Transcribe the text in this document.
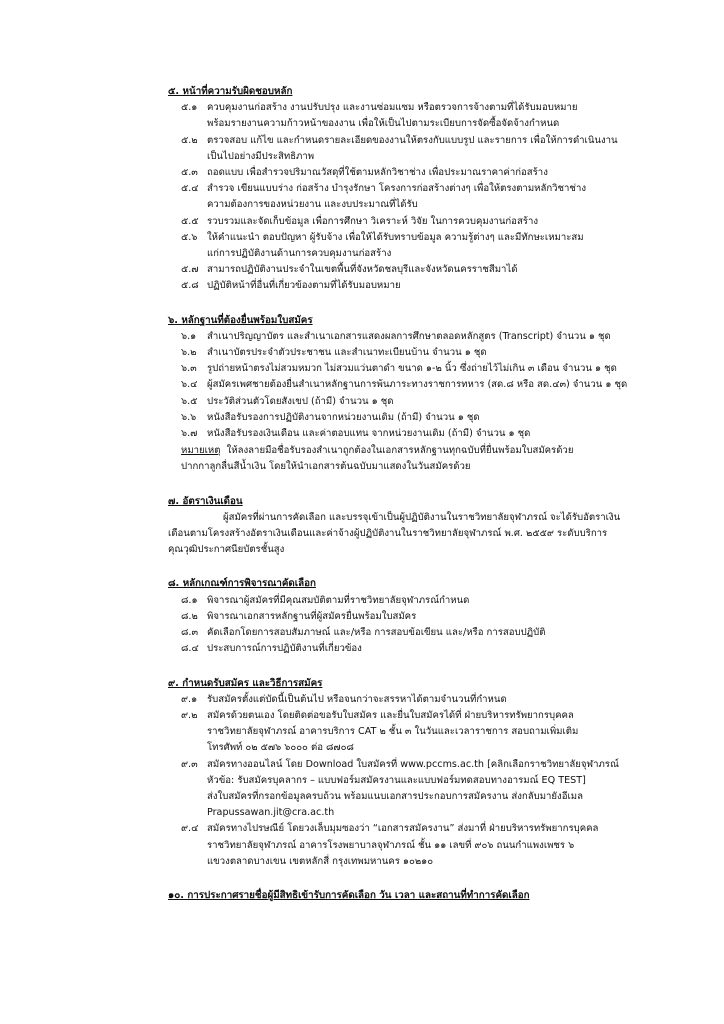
๕. หน้าที่ความรับผิดชอบหลัก
๕.๑ ควบคุมงานก่อสร้าง งานปรับปรุง และงานซ่อมแซม หรือตรวจการจ้างตามที่ได้รับมอบหมาย
พร้อมรายงานความก้าวหน้าของงาน เพื่อให้เป็นไปตามระเบียบการจัดซื้อจัดจ้างกำหนด
๕.๒ ตรวจสอบ แก้ไข และกำหนดรายละเอียดของงานให้ตรงกับแบบรูป และรายการ เพื่อให้การดำเนินงาน
เป็นไปอย่างมีประสิทธิภาพ
๕.๓ ถอดแบบ เพื่อสำรวจปริมาณวัสดุที่ใช้ตามหลักวิชาช่าง เพื่อประมาณราคาค่าก่อสร้าง
๕.๔ สำรวจ เขียนแบบร่าง ก่อสร้าง บำรุงรักษา โครงการก่อสร้างต่างๆ เพื่อให้ตรงตามหลักวิชาช่าง
ความต้องการของหน่วยงาน และงบประมาณที่ได้รับ
๕.๕ รวบรวมและจัดเก็บข้อมูล เพื่อการศึกษา วิเคราะห์ วิจัย ในการควบคุมงานก่อสร้าง
๕.๖ ให้คำแนะนำ ตอบปัญหา ผู้รับจ้าง เพื่อให้ได้รับทราบข้อมูล ความรู้ต่างๆ และมีทักษะเหมาะสม
แก่การปฏิบัติงานด้านการควบคุมงานก่อสร้าง
๕.๗ สามารถปฏิบัติงานประจำในเขตพื้นที่จังหวัดชลบุรีและจังหวัดนครราชสีมาได้
๕.๘ ปฏิบัติหน้าที่อื่นที่เกี่ยวข้องตามที่ได้รับมอบหมาย
๖. หลักฐานที่ต้องยื่นพร้อมใบสมัคร
๖.๑	สำเนาปริญญาบัตร และสำเนาเอกสารแสดงผลการศึกษาตลอดหลักสูตร (Transcript) จำนวน ๑ ชุด
๖.๒	สำเนาบัตรประจำตัวประชาชน และสำเนาทะเบียนบ้าน จำนวน ๑ ชุด
๖.๓	รูปถ่ายหน้าตรงไม่สวมหมวก ไม่สวมแว่นตาดำ ขนาด ๑-๒ นิ้ว ซึ่งถ่ายไว้ไม่เกิน ๓ เดือน จำนวน ๑ ชุด
๖.๔ ผู้สมัครเพศชายต้องยื่นสำเนาหลักฐานการพ้นภาระทางราชการทหาร (สด.๘ หรือ สด.๔๓) จำนวน ๑ ชุด
๖.๕ ประวัติส่วนตัวโดยสังเขป (ถ้ามี) จำนวน ๑ ชุด
๖.๖	หนังสือรับรองการปฏิบัติงานจากหน่วยงานเดิม (ถ้ามี) จำนวน ๑ ชุด
๖.๗	หนังสือรับรองเงินเดือน และค่าตอบแทน จากหน่วยงานเดิม (ถ้ามี) จำนวน ๑ ชุด
หมายเหตุ ให้ลงลายมือชื่อรับรองสำเนาถูกต้องในเอกสารหลักฐานทุกฉบับที่ยื่นพร้อมใบสมัครด้วย
ปากกาลูกลื่นสีน้ำเงิน โดยให้นำเอกสารต้นฉบับมาแสดงในวันสมัครด้วย
๗. อัตราเงินเดือน
ผู้สมัครที่ผ่านการคัดเลือก และบรรจุเข้าเป็นผู้ปฏิบัติงานในราชวิทยาลัยจุฬาภรณ์ จะได้รับอัตราเงิน
เดือนตามโครงสร้างอัตราเงินเดือนและค่าจ้างผู้ปฏิบัติงานในราชวิทยาลัยจุฬาภรณ์ พ.ศ. ๒๕๕๙ ระดับบริการ
คุณวุฒิประกาศนียบัตรชั้นสูง
๘. หลักเกณฑ์การพิจารณาคัดเลือก
๘.๑ พิจารณาผู้สมัครที่มีคุณสมบัติตามที่ราชวิทยาลัยจุฬาภรณ์กำหนด
๘.๒ พิจารณาเอกสารหลักฐานที่ผู้สมัครยื่นพร้อมใบสมัคร
๘.๓ คัดเลือกโดยการสอบสัมภาษณ์ และ/หรือ การสอบข้อเขียน และ/หรือ การสอบปฏิบัติ
๘.๔ ประสบการณ์การปฏิบัติงานที่เกี่ยวข้อง
๙. กำหนดรับสมัคร และวิธีการสมัคร
๙.๑	รับสมัครตั้งแต่บัดนี้เป็นต้นไป หรือจนกว่าจะสรรหาได้ตามจำนวนที่กำหนด
๙.๒ สมัครด้วยตนเอง โดยติดต่อขอรับใบสมัคร และยื่นใบสมัครได้ที่ ฝ่ายบริหารทรัพยากรบุคคล
ราชวิทยาลัยจุฬาภรณ์ อาคารบริการ CAT ๒ ชั้น ๓ ในวันและเวลาราชการ สอบถามเพิ่มเติม
โทรศัพท์ ๐๒ ๕๗๖ ๖๐๐๐ ต่อ ๘๗๐๘
๙.๓ สมัครทางออนไลน์ โดย Download ใบสมัครที่ www.pccms.ac.th [คลิกเลือกราชวิทยาลัยจุฬาภรณ์
หัวข้อ: รับสมัครบุคลากร – แบบฟอร์มสมัครงานและแบบฟอร์มทดสอบทางอารมณ์ EQ TEST]
ส่งใบสมัครที่กรอกข้อมูลครบถ้วน พร้อมแนบเอกสารประกอบการสมัครงาน ส่งกลับมายังอีเมล
Prapussawan.jit@cra.ac.th
๙.๔ สมัครทางไปรษณีย์ โดยวงเล็บมุมซองว่า “เอกสารสมัครงาน” ส่งมาที่ ฝ่ายบริหารทรัพยากรบุคคล
ราชวิทยาลัยจุฬาภรณ์ อาคารโรงพยาบาลจุฬาภรณ์ ชั้น ๑๑ เลขที่ ๙๐๖ ถนนกำแพงเพชร ๖
แขวงตลาดบางเขน เขตหลักสี่ กรุงเทพมหานคร ๑๐๒๑๐
๑๐. การประกาศรายชื่อผู้มีสิทธิเข้ารับการคัดเลือก วัน เวลา และสถานที่ทำการคัดเลือก
